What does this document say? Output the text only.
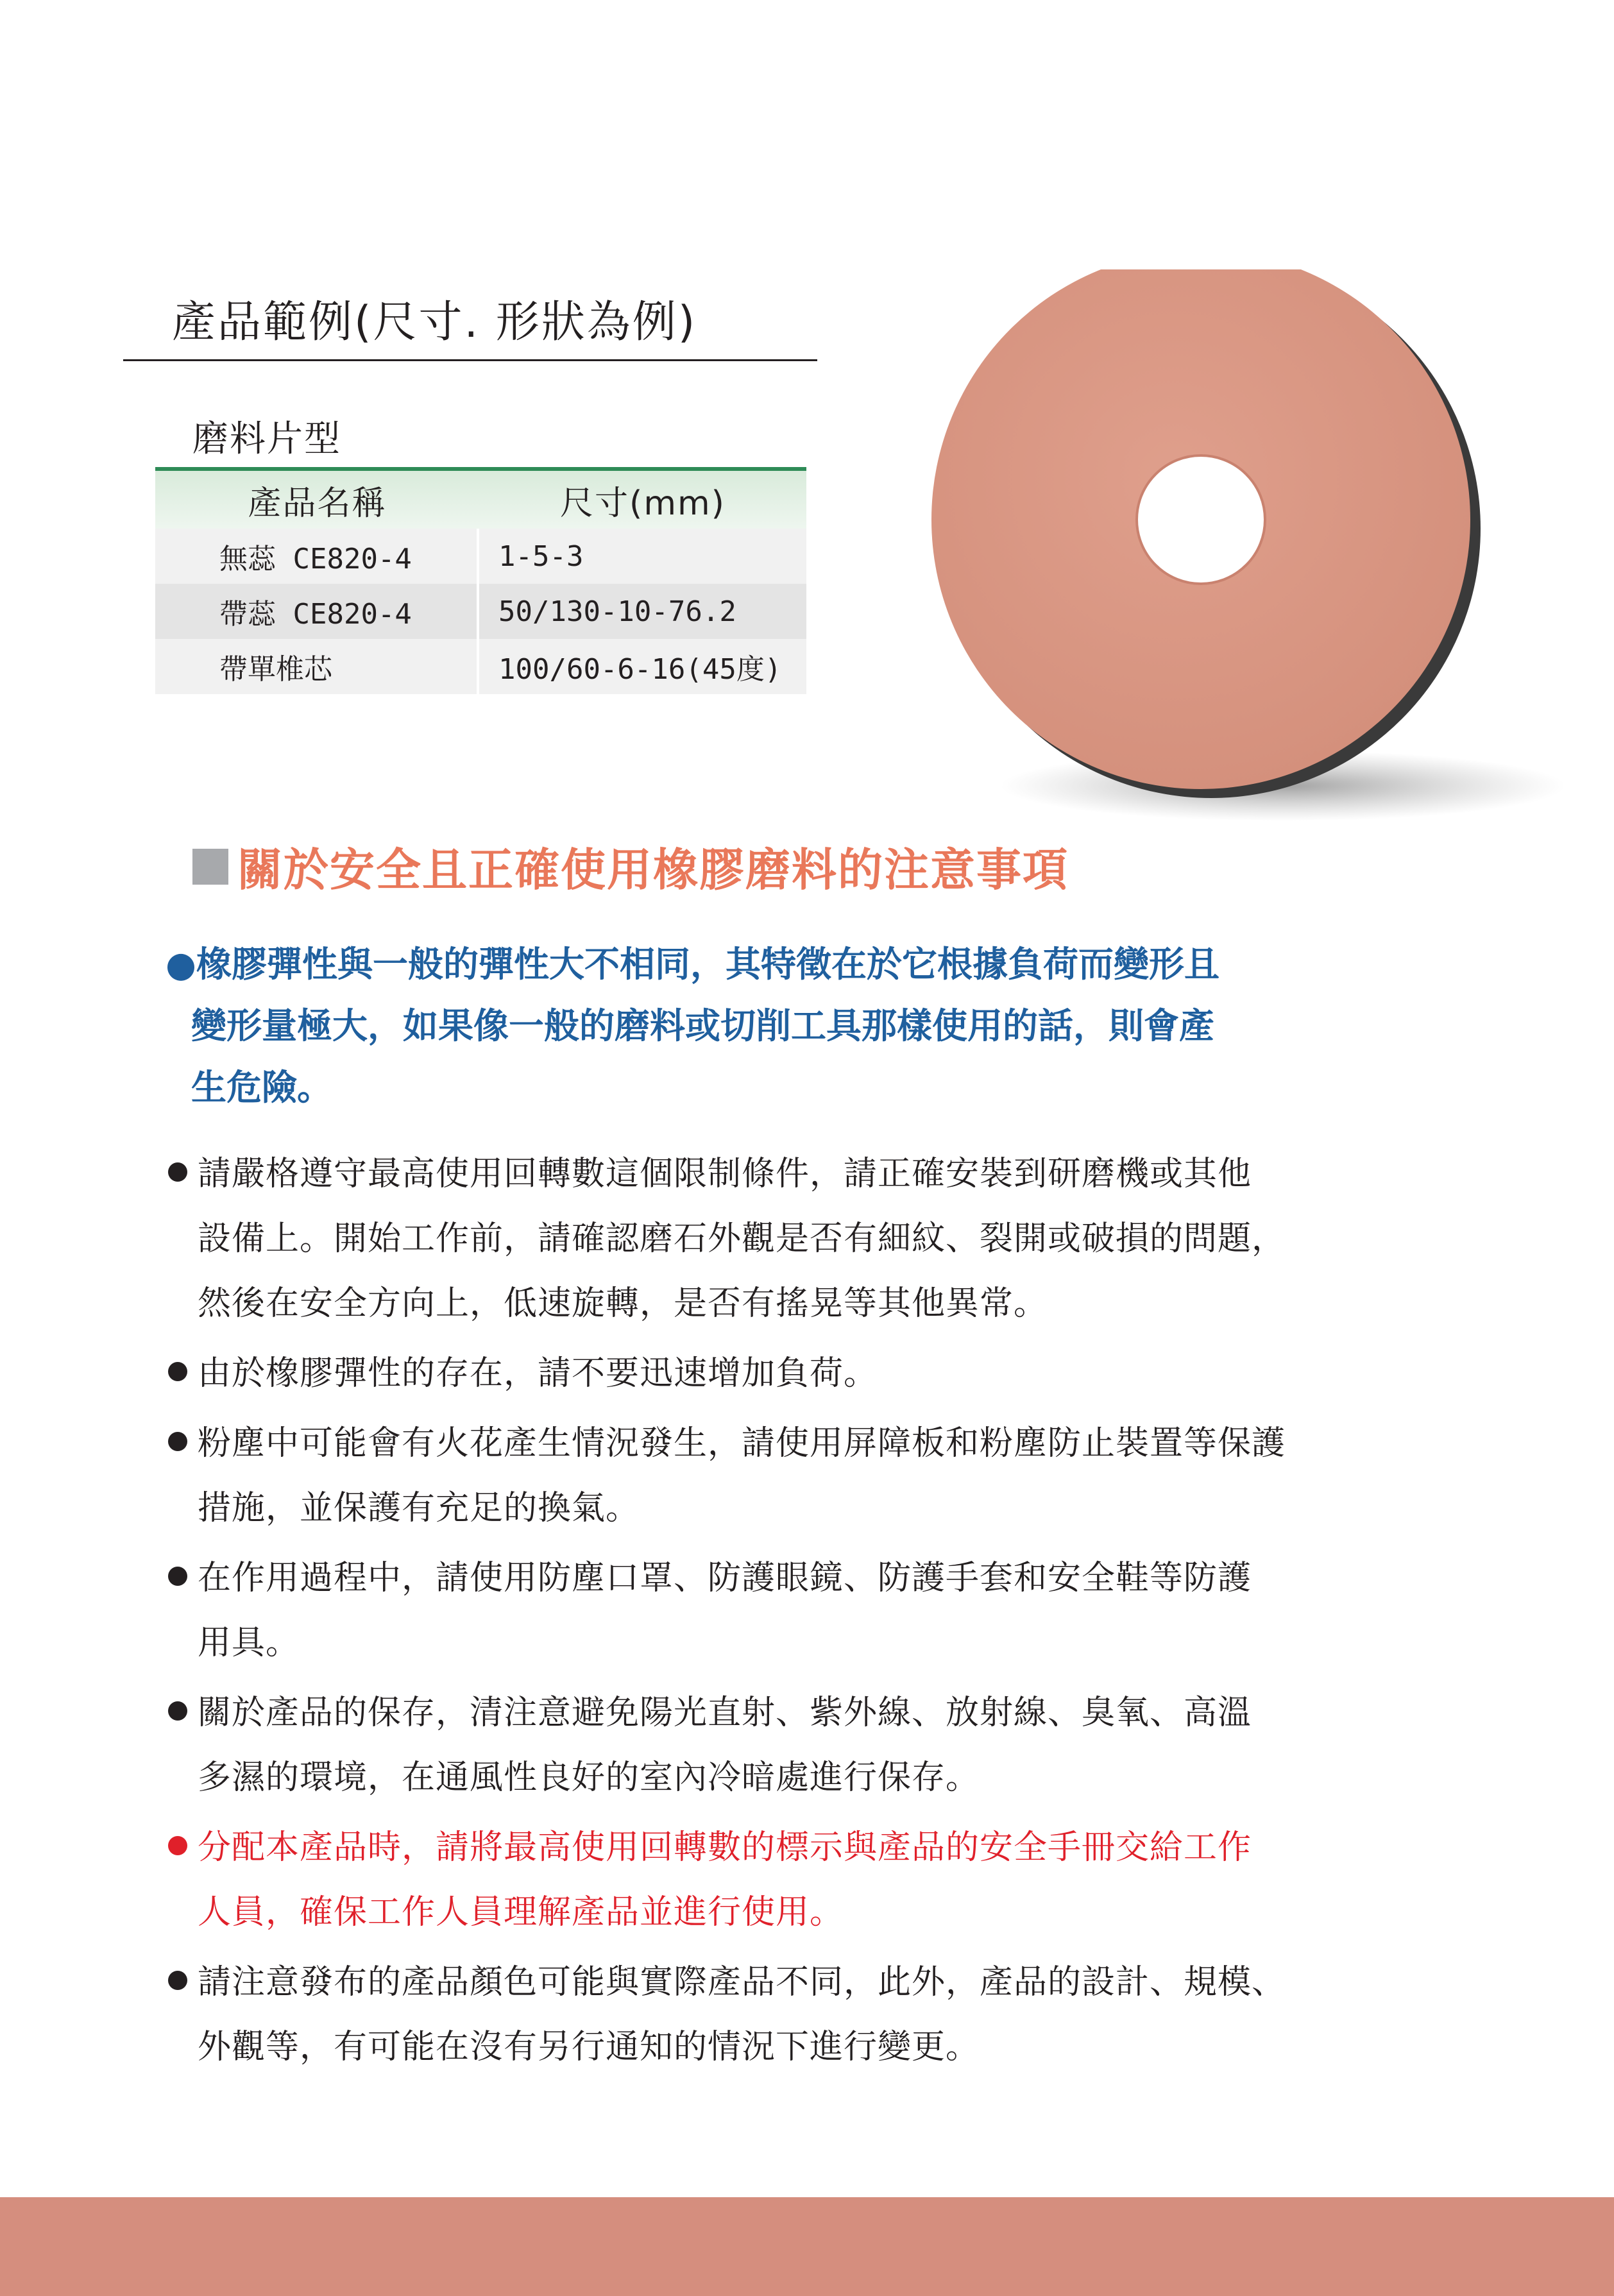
產品範例(尺寸. 形狀為例)
磨料片型
產品名稱	尺寸(mm)
無蕊 CE820-4	1-5-3
帶蕊 CE820-4	50/130-10-76.2
帶單椎芯	100/60-6-16(45度)
關於安全且正確使用橡膠磨料的注意事項
●橡膠彈性與一般的彈性大不相同，其特徵在於它根據負荷而變形且
變形量極大，如果像一般的磨料或切削工具那樣使用的話，則會產
生危險。
請嚴格遵守最高使用回轉數這個限制條件，請正確安裝到研磨機或其他
設備上。開始工作前，請確認磨石外觀是否有細紋、裂開或破損的問題，
然後在安全方向上，低速旋轉，是否有搖晃等其他異常。
由於橡膠彈性的存在，請不要迅速增加負荷。
粉塵中可能會有火花產生情況發生，請使用屏障板和粉塵防止裝置等保護
措施，並保護有充足的換氣。
在作用過程中，請使用防塵口罩、防護眼鏡、防護手套和安全鞋等防護
用具。
關於產品的保存，清注意避免陽光直射、紫外線、放射線、臭氧、高溫
多濕的環境，在通風性良好的室內冷暗處進行保存。
分配本產品時，請將最高使用回轉數的標示與產品的安全手冊交給工作
人員，確保工作人員理解產品並進行使用。
請注意發布的產品顏色可能與實際產品不同，此外，產品的設計、規模、
外觀等，有可能在沒有另行通知的情況下進行變更。
